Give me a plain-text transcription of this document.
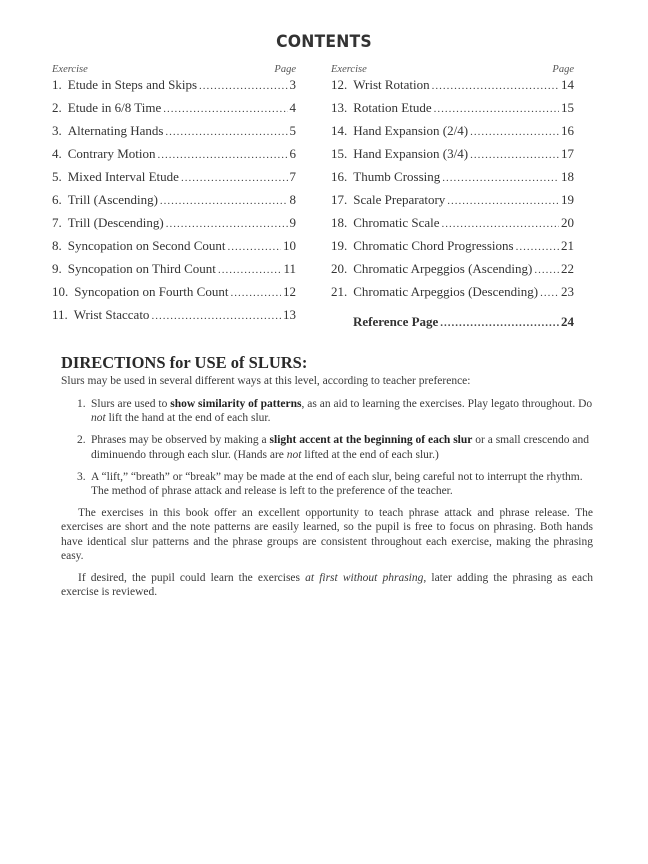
CONTENTS
Exercise	Page
1. Etude in Steps and Skips .....	3
2. Etude in 6/8 Time .....	4
3. Alternating Hands .....	5
4. Contrary Motion .....	6
5. Mixed Interval Etude .....	7
6. Trill (Ascending) .....	8
7. Trill (Descending) .....	9
8. Syncopation on Second Count .....	10
9. Syncopation on Third Count .....	11
10. Syncopation on Fourth Count .....	12
11. Wrist Staccato .....	13
Exercise	Page
12. Wrist Rotation .....	14
13. Rotation Etude .....	15
14. Hand Expansion (2/4) .....	16
15. Hand Expansion (3/4) .....	17
16. Thumb Crossing .....	18
17. Scale Preparatory .....	19
18. Chromatic Scale .....	20
19. Chromatic Chord Progressions .....	21
20. Chromatic Arpeggios (Ascending) ..... 22
21. Chromatic Arpeggios (Descending) ..... 23
Reference Page .....	24
DIRECTIONS for USE of SLURS:
Slurs may be used in several different ways at this level, according to teacher preference:
1. Slurs are used to show similarity of patterns, as an aid to learning the exercises. Play legato throughout. Do not lift the hand at the end of each slur.
2. Phrases may be observed by making a slight accent at the beginning of each slur or a small crescendo and diminuendo through each slur. (Hands are not lifted at the end of each slur.)
3. A “lift,” “breath” or “break” may be made at the end of each slur, being careful not to interrupt the rhythm. The method of phrase attack and release is left to the preference of the teacher.

The exercises in this book offer an excellent opportunity to teach phrase attack and phrase release. The exercises are short and the note patterns are easily learned, so the pupil is free to focus on phrasing. Both hands have identical slur patterns and the phrase groups are consistent throughout each exercise, making the phrasing easy.

If desired, the pupil could learn the exercises at first without phrasing, later adding the phrasing as each exercise is reviewed.
